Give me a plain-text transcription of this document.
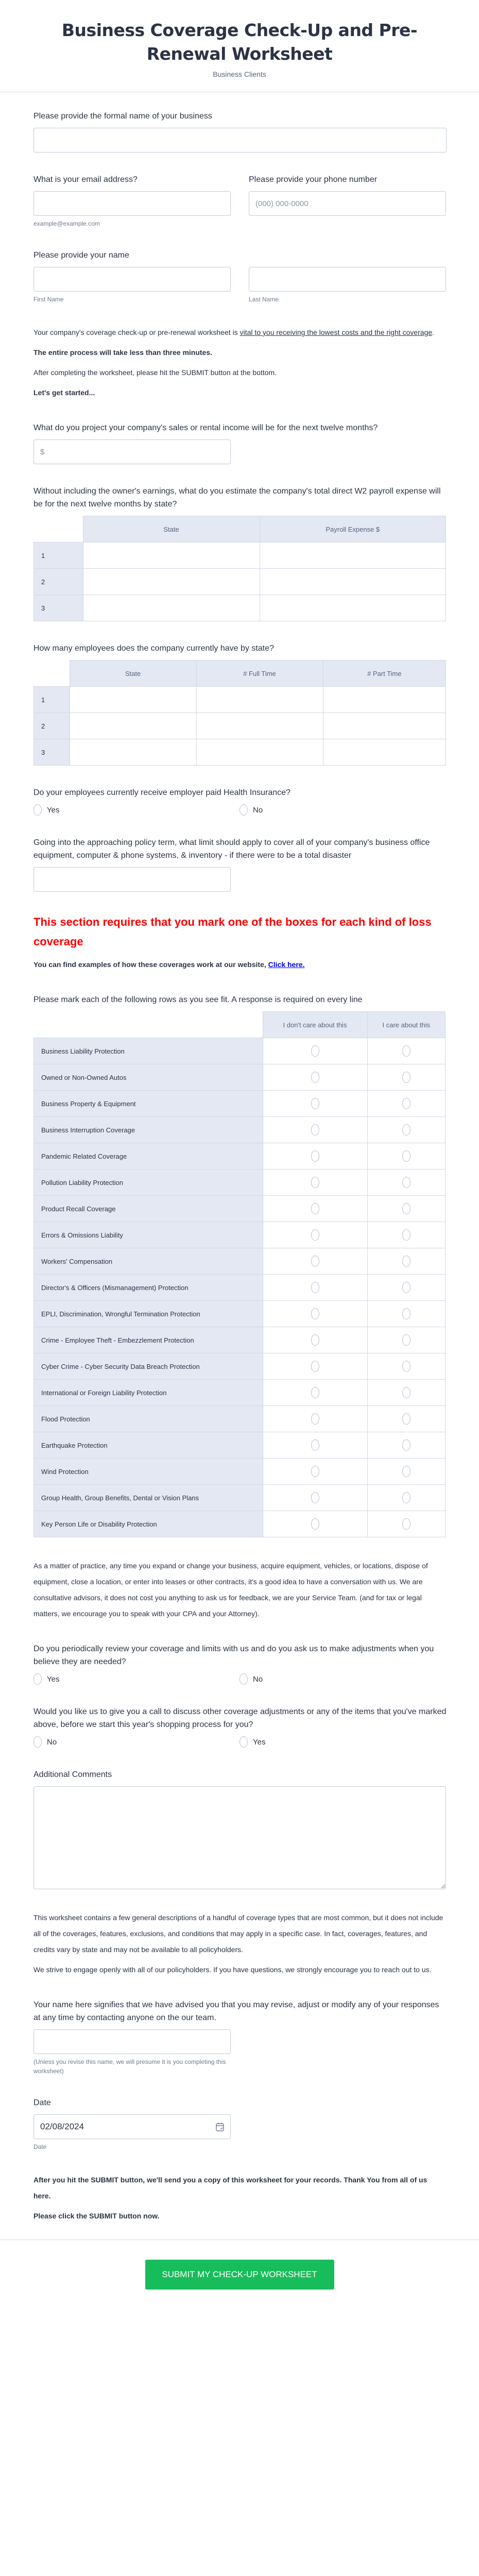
Business Coverage Check-Up and Pre-Renewal Worksheet
Business Clients
Please provide the formal name of your business
What is your email address?
example@example.com
Please provide your phone number
(000) 000-0000
Please provide your name
First Name	Last Name

Your company's coverage check-up or pre-renewal worksheet is vital to you receiving the lowest costs and the right coverage.

The entire process will take less than three minutes.

After completing the worksheet, please hit the SUBMIT button at the bottom.

Let's get started...

What do you project your company's sales or rental income will be for the next twelve months?
$
Without including the owner's earnings, what do you estimate the company's total direct W2 payroll expense will be for the next twelve months by state?
	State	Payroll Expense $
1		
2		
3		
How many employees does the company currently have by state?
	State	# Full Time	# Part Time
1			
2			
3			
Do your employees currently receive employer paid Health Insurance?
Yes	No
Going into the approaching policy term, what limit should apply to cover all of your company's business office equipment, computer & phone systems, & inventory - if there were to be a total disaster
This section requires that you mark one of the boxes for each kind of loss coverage

You can find examples of how these coverages work at our website, Click here.

Please mark each of the following rows as you see fit. A response is required on every line
	I don't care about this	I care about this
Business Liability Protection		
Owned or Non-Owned Autos		
Business Property & Equipment		
Business Interruption Coverage		
Pandemic Related Coverage		
Pollution Liability Protection		
Product Recall Coverage		
Errors & Omissions Liability		
Workers' Compensation		
Director's & Officers (Mismanagement) Protection		
EPLI, Discrimination, Wrongful Termination Protection		
Crime - Employee Theft - Embezzlement Protection		
Cyber Crime - Cyber Security Data Breach Protection		
International or Foreign Liability Protection		
Flood Protection		
Earthquake Protection		
Wind Protection		
Group Health, Group Benefits, Dental or Vision Plans		
Key Person Life or Disability Protection		

As a matter of practice, any time you expand or change your business, acquire equipment, vehicles, or locations, dispose of equipment, close a location, or enter into leases or other contracts, it's a good idea to have a conversation with us. We are consultative advisors, it does not cost you anything to ask us for feedback, we are your Service Team. (and for tax or legal matters, we encourage you to speak with your CPA and your Attorney).

Do you periodically review your coverage and limits with us and do you ask us to make adjustments when you believe they are needed?
Yes	No
Would you like us to give you a call to discuss other coverage adjustments or any of the items that you've marked above, before we start this year's shopping process for you?
No	Yes
Additional Comments

This worksheet contains a few general descriptions of a handful of coverage types that are most common, but it does not include all of the coverages, features, exclusions, and conditions that may apply in a specific case. In fact, coverages, features, and credits vary by state and may not be available to all policyholders.

We strive to engage openly with all of our policyholders. If you have questions, we strongly encourage you to reach out to us.

Your name here signifies that we have advised you that you may revise, adjust or modify any of your responses at any time by contacting anyone on the our team.
(Unless you revise this name, we will presume it is you completing this worksheet)
Date
02/08/2024
Date

After you hit the SUBMIT button, we'll send you a copy of this worksheet for your records. Thank You from all of us here.

Please click the SUBMIT button now.

SUBMIT MY CHECK-UP WORKSHEET
